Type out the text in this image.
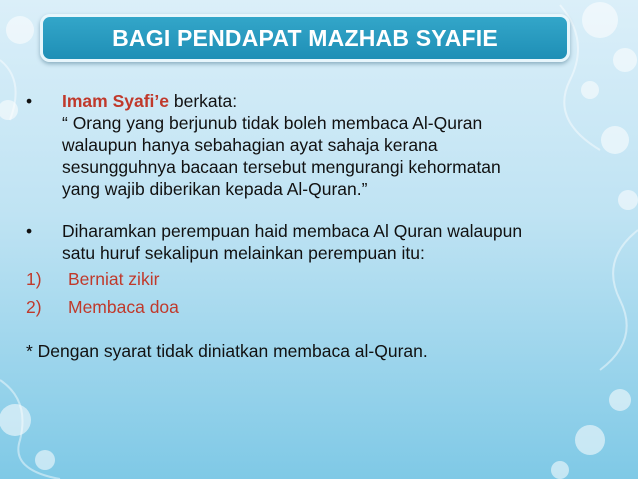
BAGI PENDAPAT MAZHAB SYAFIE
•	Imam Syafi’e berkata:
“ Orang yang berjunub tidak boleh membaca Al-Quran
walaupun hanya sebahagian ayat sahaja kerana
sesungguhnya bacaan tersebut mengurangi kehormatan
yang wajib diberikan kepada Al-Quran.”
•	Diharamkan perempuan haid membaca Al Quran walaupun
satu huruf sekalipun melainkan perempuan itu:
1)	Berniat zikir
2)	Membaca doa
* Dengan syarat tidak diniatkan membaca al-Quran.
